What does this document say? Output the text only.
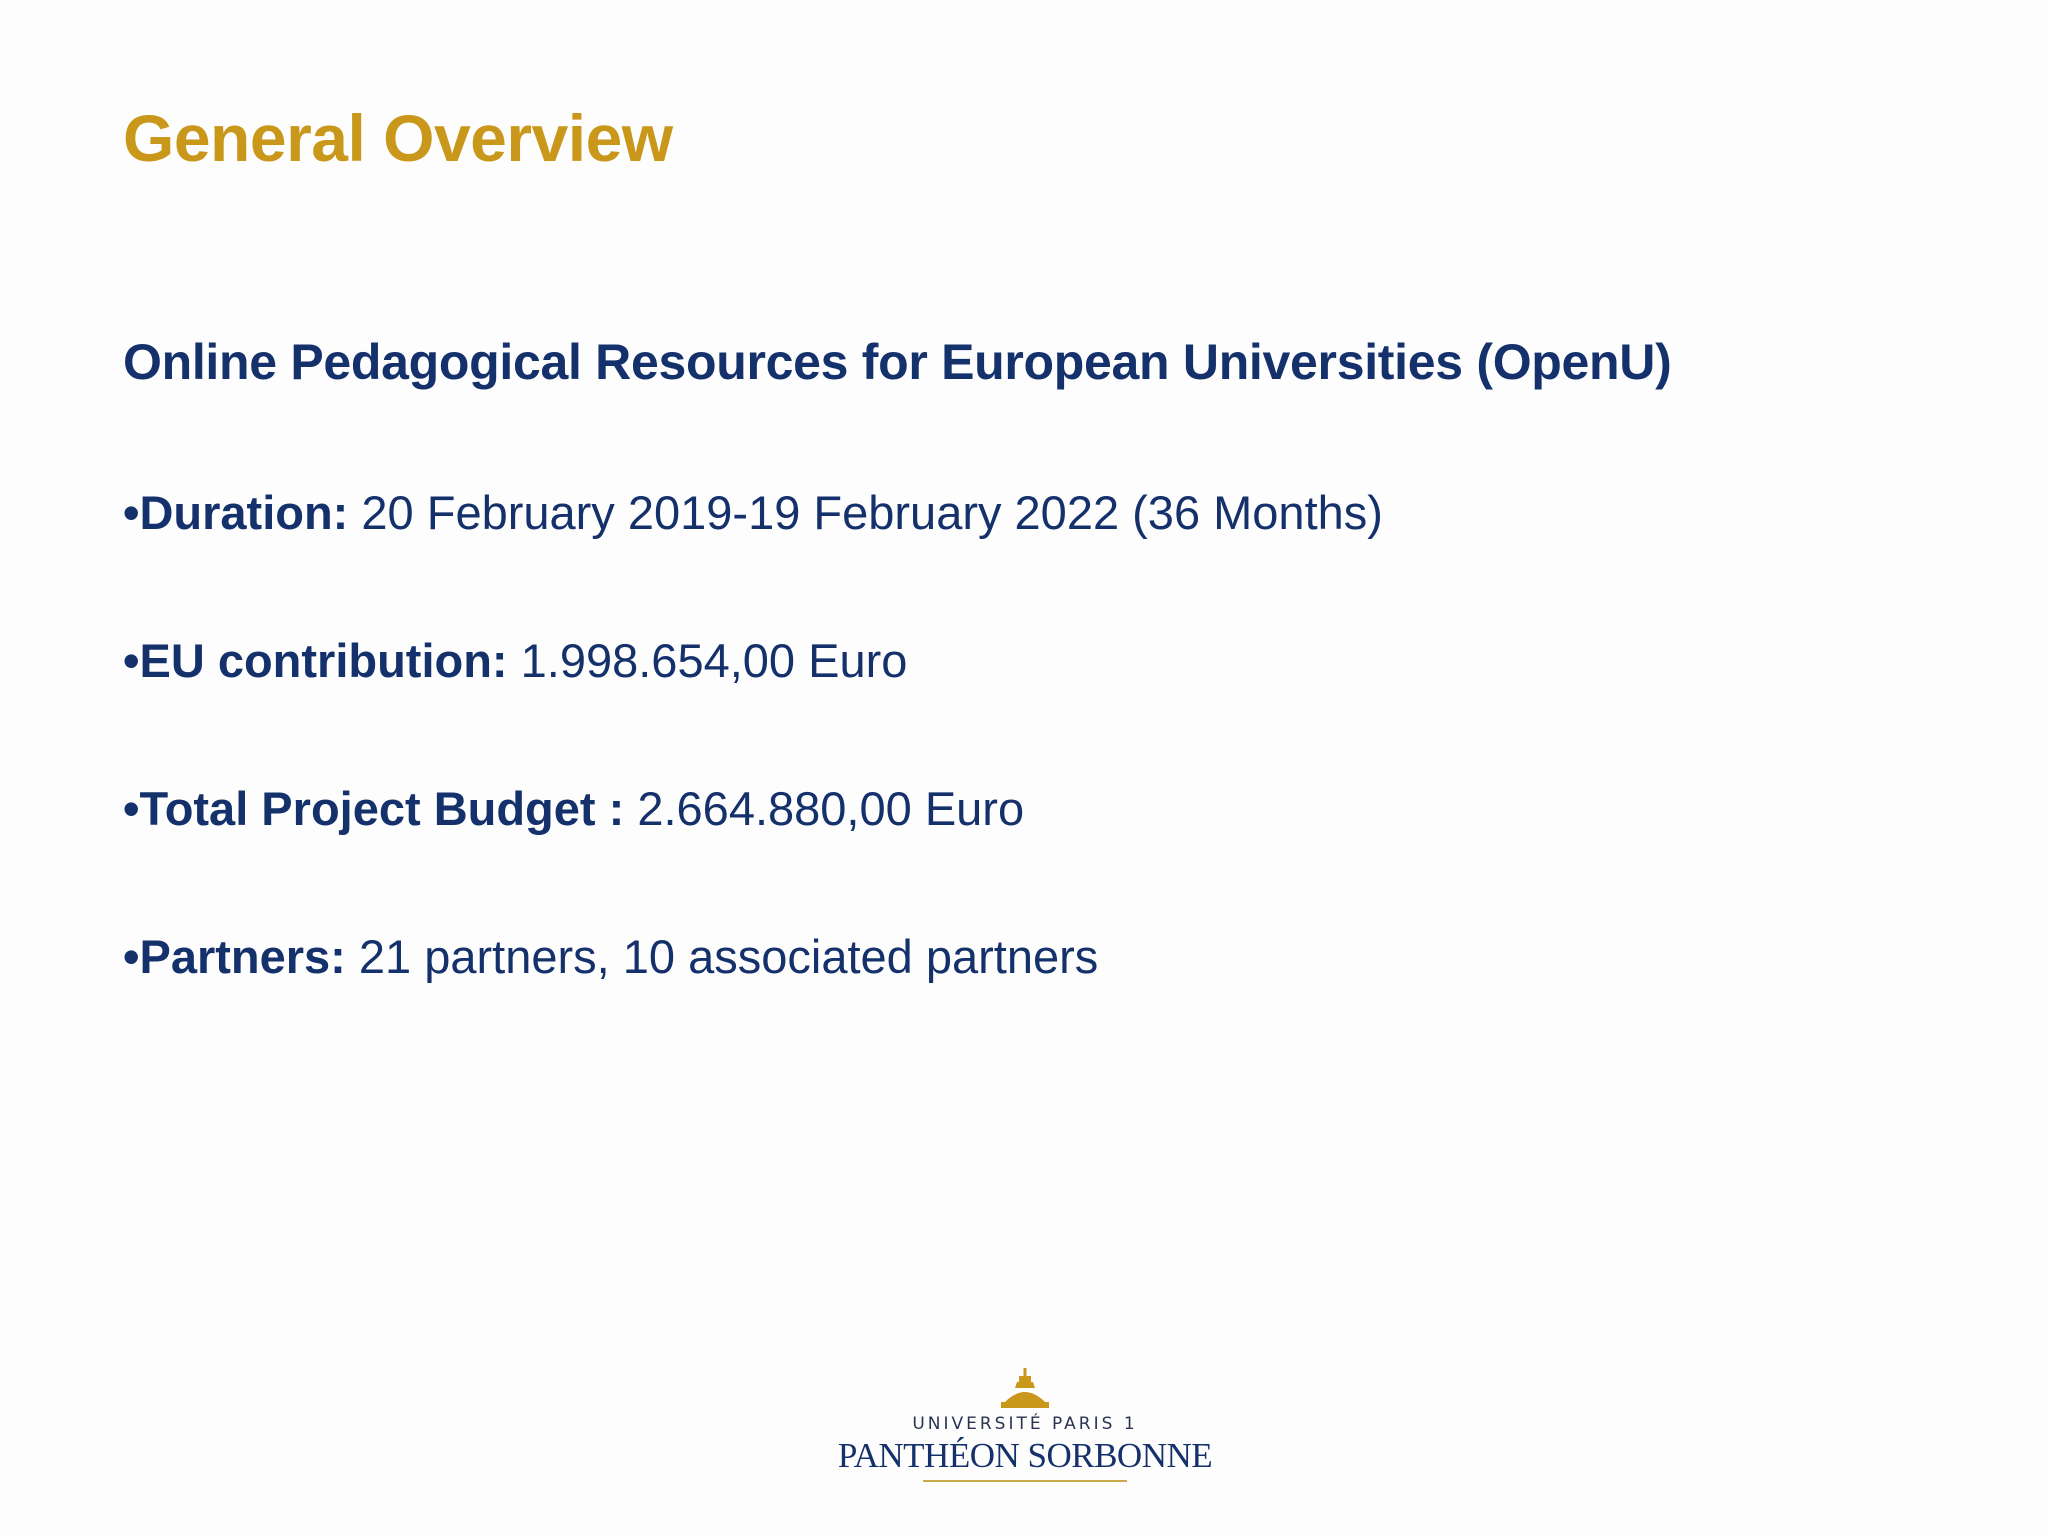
General Overview
Online Pedagogical Resources for European Universities (OpenU)
•Duration: 20 February 2019-19 February 2022 (36 Months)
•EU contribution: 1.998.654,00 Euro
•Total Project Budget : 2.664.880,00 Euro
•Partners: 21 partners, 10 associated partners
UNIVERSITÉ PARIS 1
PANTHÉON SORBONNE
